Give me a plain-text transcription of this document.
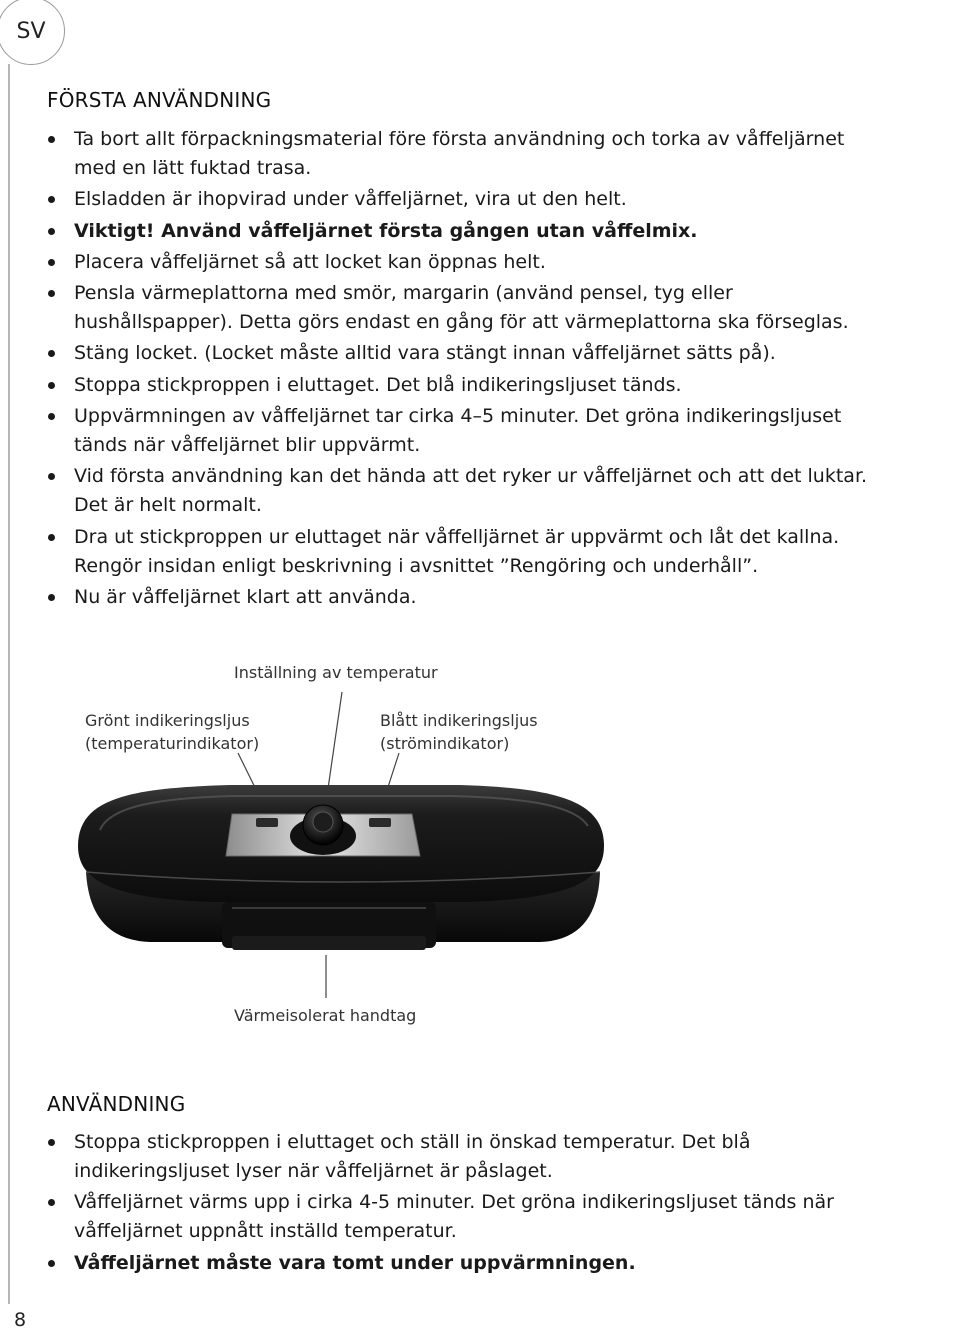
SV
8
FÖRSTA ANVÄNDNING
Ta bort allt förpackningsmaterial före första användning och torka av våffeljärnet
med en lätt fuktad trasa.
Elsladden är ihopvirad under våffeljärnet, vira ut den helt.
Viktigt! Använd våffeljärnet första gången utan våffelmix.
Placera våffeljärnet så att locket kan öppnas helt.
Pensla värmeplattorna med smör, margarin (använd pensel, tyg eller
hushållspapper). Detta görs endast en gång för att värmeplattorna ska förseglas.
Stäng locket. (Locket måste alltid vara stängt innan våffeljärnet sätts på).
Stoppa stickproppen i eluttaget. Det blå indikeringsljuset tänds.
Uppvärmningen av våffeljärnet tar cirka 4–5 minuter. Det gröna indikeringsljuset
tänds när våffeljärnet blir uppvärmt.
Vid första användning kan det hända att det ryker ur våffeljärnet och att det luktar.
Det är helt normalt.
Dra ut stickproppen ur eluttaget när våffelljärnet är uppvärmt och låt det kallna.
Rengör insidan enligt beskrivning i avsnittet ”Rengöring och underhåll”.
Nu är våffeljärnet klart att använda.
Inställning av temperatur
Grönt indikeringsljus
(temperaturindikator)
Blått indikeringsljus
(strömindikator)
Värmeisolerat handtag
ANVÄNDNING
Stoppa stickproppen i eluttaget och ställ in önskad temperatur. Det blå
indikeringsljuset lyser när våffeljärnet är påslaget.
Våffeljärnet värms upp i cirka 4-5 minuter. Det gröna indikeringsljuset tänds när
våffeljärnet uppnått inställd temperatur.
Våffeljärnet måste vara tomt under uppvärmningen.
